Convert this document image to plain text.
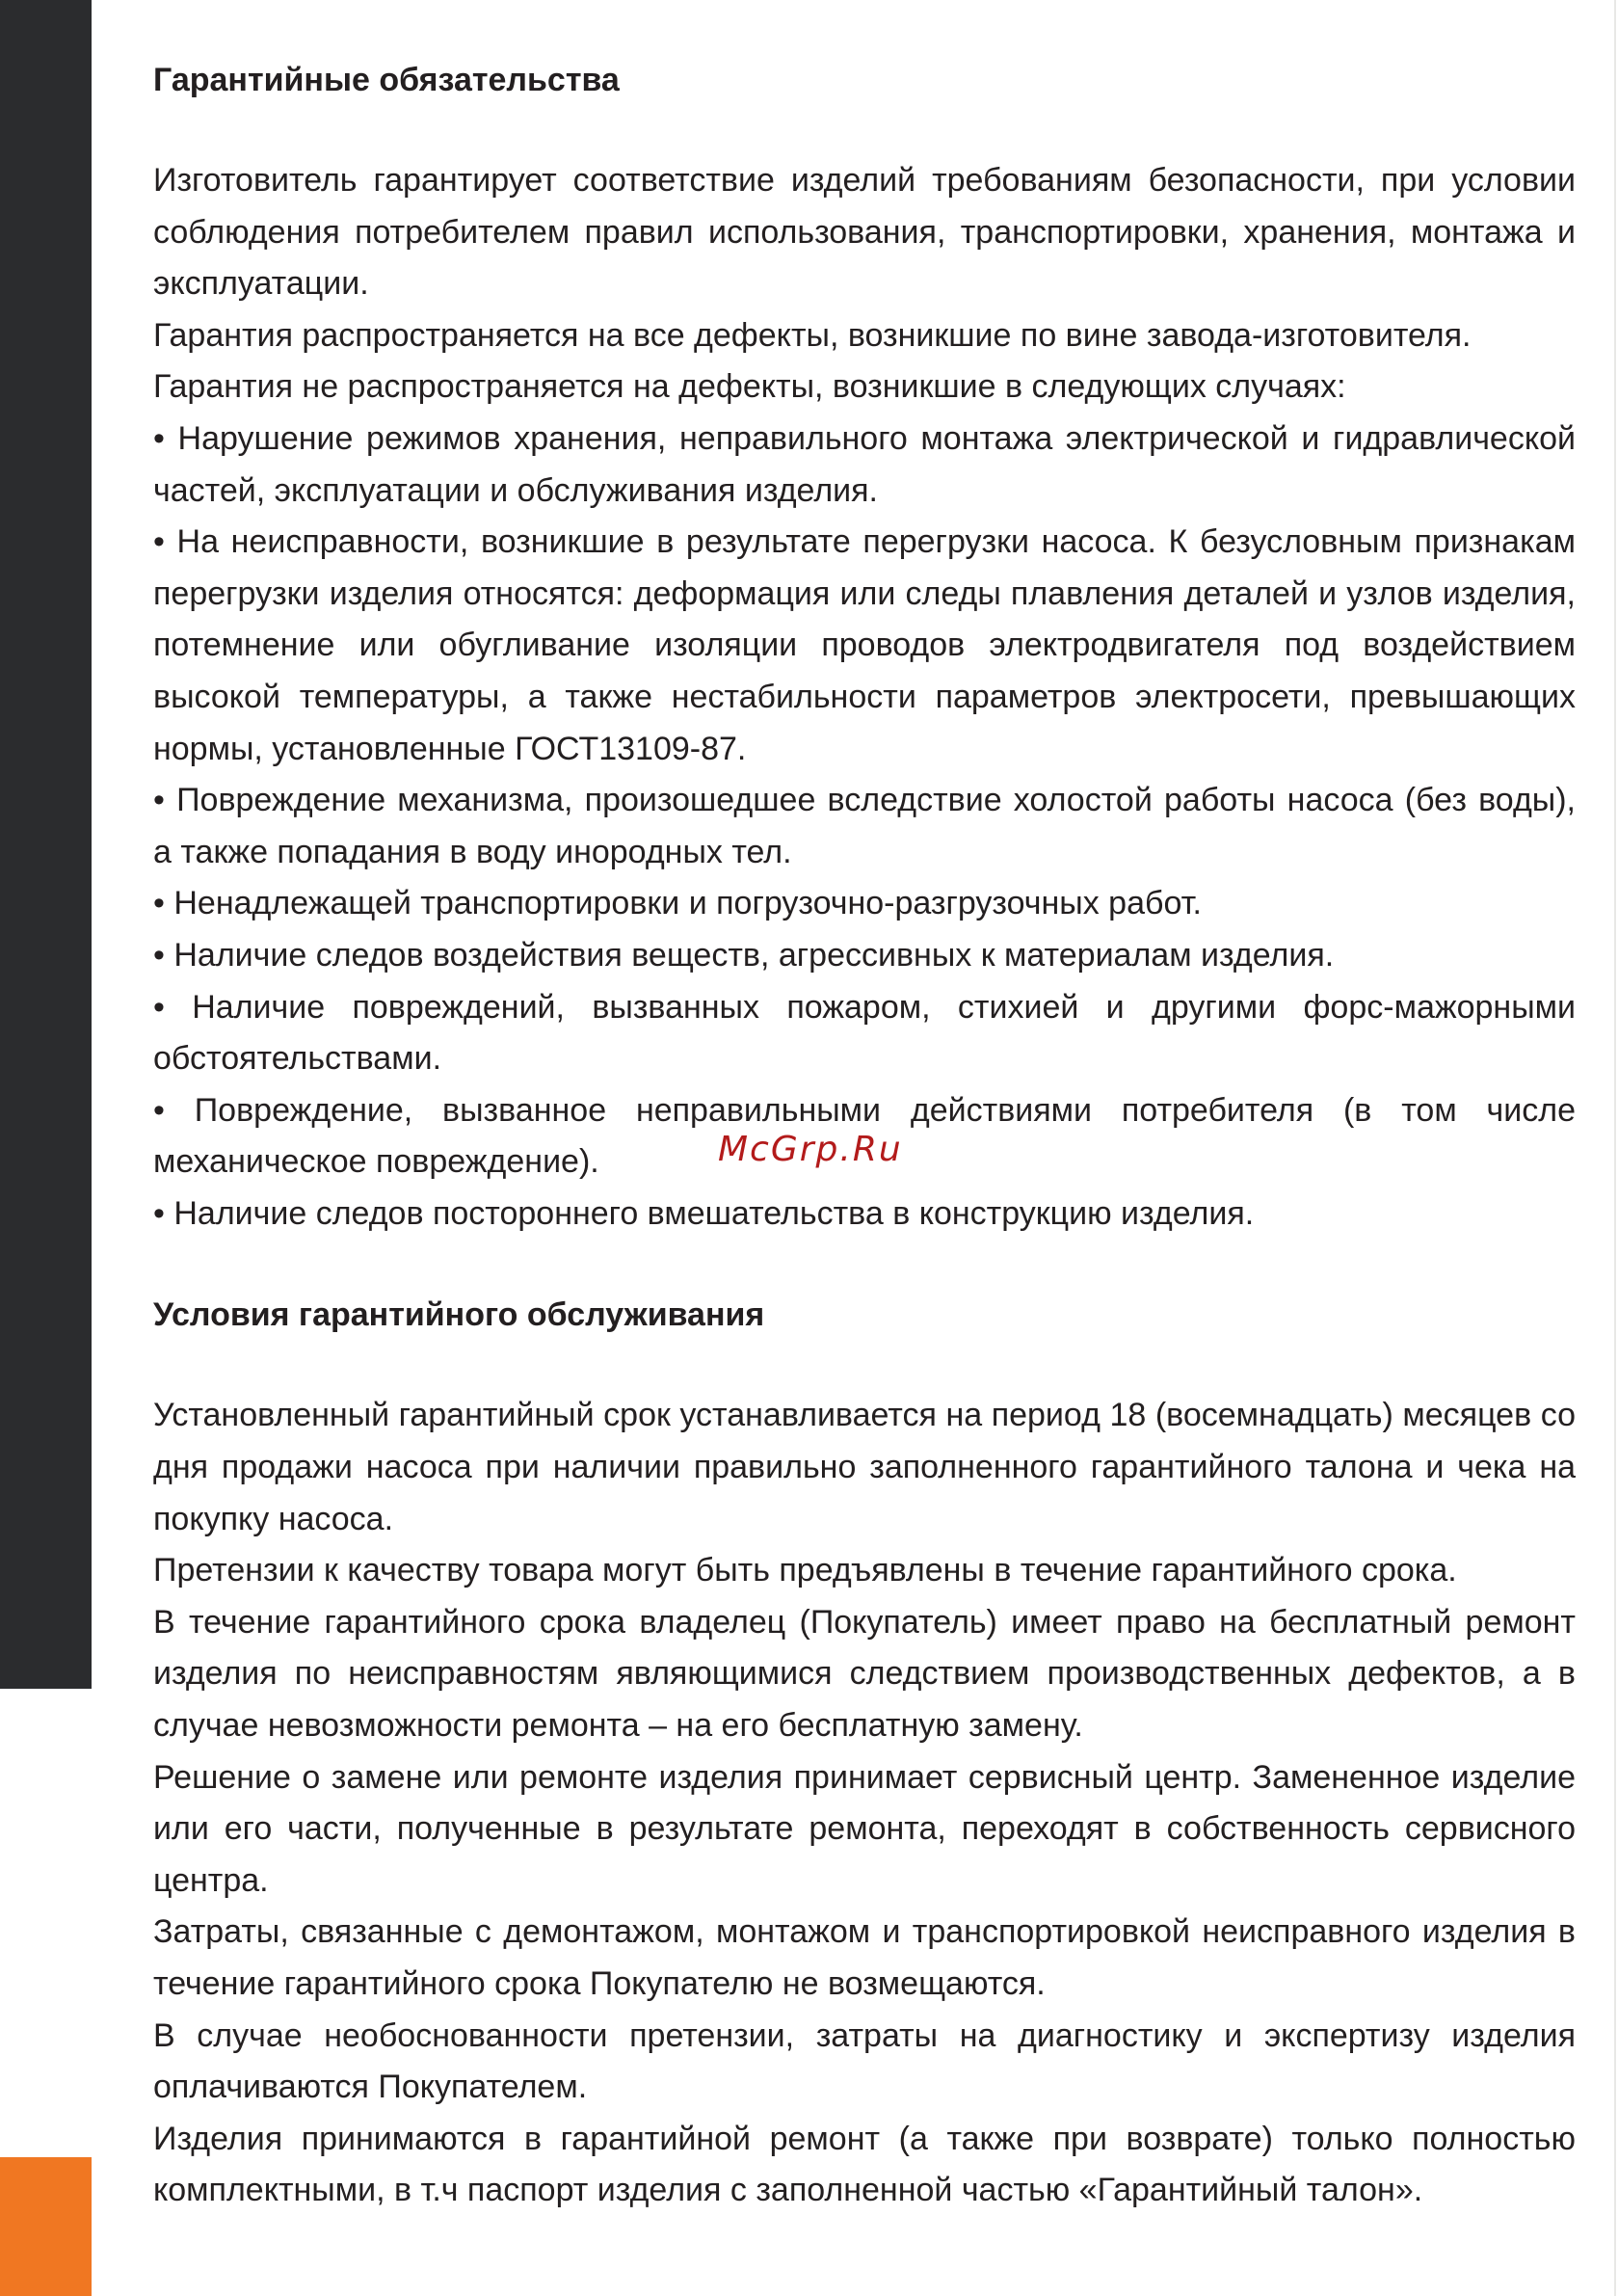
Гарантийные обязательства

Изготовитель гарантирует соответствие изделий требованиям безопасности, при условии соблюдения потребителем правил использования, транспортировки, хранения, монтажа и эксплуатации.

Гарантия распространяется на все дефекты, возникшие по вине завода-изготовителя.

Гарантия не распространяется на дефекты, возникшие в следующих случаях:

• Нарушение режимов хранения, неправильного монтажа электрической и гидравлической частей, эксплуатации и обслуживания изделия.

• На неисправности, возникшие в результате перегрузки насоса. К безусловным признакам перегрузки изделия относятся: деформация или следы плавления деталей и узлов изделия, потемнение или обугливание изоляции проводов электродвигателя под воздействием высокой температуры, а также нестабильности параметров электросети, превышающих нормы, установленные ГОСТ13109-87.

• Повреждение механизма, произошедшее вследствие холостой работы насоса (без воды), а также попадания в воду инородных тел.

• Ненадлежащей транспортировки и погрузочно-разгрузочных работ.

• Наличие следов воздействия веществ, агрессивных к материалам изделия.

• Наличие повреждений, вызванных пожаром, стихией и другими форс-мажорными обстоятельствами.

• Повреждение, вызванное неправильными действиями потребителя (в том числе механическое повреждение).

• Наличие следов постороннего вмешательства в конструкцию изделия.

Условия гарантийного обслуживания

Установленный гарантийный срок устанавливается на период 18 (восемнадцать) месяцев со дня продажи насоса при наличии правильно заполненного гарантийного талона и чека на покупку насоса.

Претензии к качеству товара могут быть предъявлены в течение гарантийного срока.

В течение гарантийного срока владелец (Покупатель) имеет право на бесплатный ремонт изделия по неисправностям являющимися следствием производственных дефектов, а в случае невозможности ремонта – на его бесплатную замену.

Решение о замене или ремонте изделия принимает сервисный центр. Замененное изделие или его части, полученные в результате ремонта, переходят в собственность сервисного центра.

Затраты, связанные с демонтажом, монтажом и транспортировкой неисправного изделия в течение гарантийного срока Покупателю не возмещаются.

В случае необоснованности претензии, затраты на диагностику и экспертизу изделия оплачиваются Покупателем.

Изделия принимаются в гарантийной ремонт (а также при возврате) только полностью комплектными, в т.ч паспорт изделия с заполненной частью «Гарантийный талон».

McGrp.Ru
